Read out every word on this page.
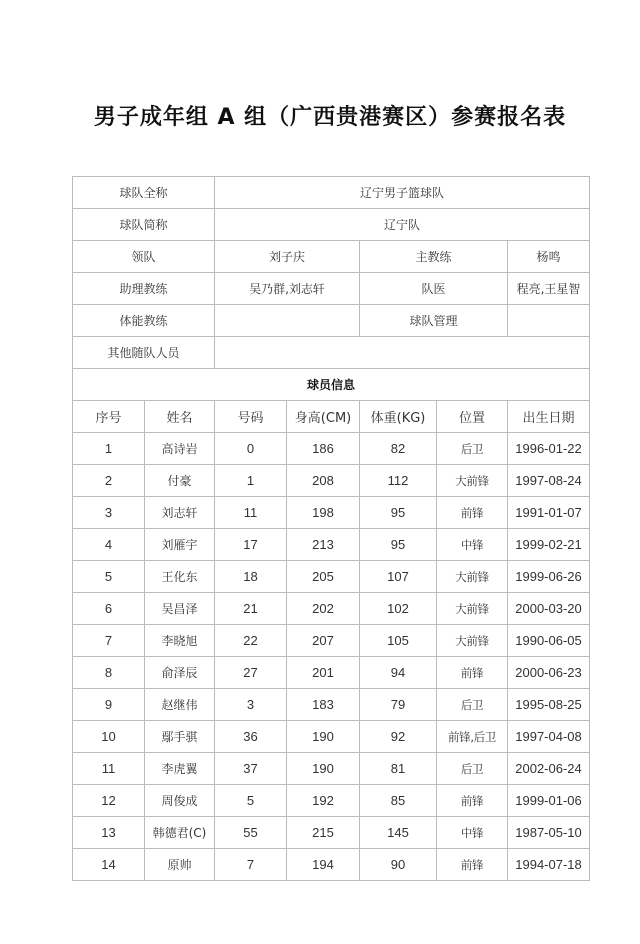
男子成年组 A 组（广西贵港赛区）参赛报名表
球队全称		辽宁男子篮球队				
球队简称		辽宁队				
领队		刘子庆		主教练		杨鸣
助理教练		吴乃群,刘志轩		队医		程亮,王星智
体能教练				球队管理		
其他随队人员						
球员信息						
序号	姓名	号码	身高(CM)	体重(KG)	位置	出生日期
1	高诗岩	0	186	82	后卫	1996-01-22
2	付豪	1	208	112	大前锋	1997-08-24
3	刘志轩	11	198	95	前锋	1991-01-07
4	刘雁宇	17	213	95	中锋	1999-02-21
5	王化东	18	205	107	大前锋	1999-06-26
6	吴昌泽	21	202	102	大前锋	2000-03-20
7	李晓旭	22	207	105	大前锋	1990-06-05
8	俞泽辰	27	201	94	前锋	2000-06-23
9	赵继伟	3	183	79	后卫	1995-08-25
10	鄢手骐	36	190	92	前锋,后卫	1997-04-08
11	李虎翼	37	190	81	后卫	2002-06-24
12	周俊成	5	192	85	前锋	1999-01-06
13	韩德君(C)	55	215	145	中锋	1987-05-10
14	原帅	7	194	90	前锋	1994-07-18
